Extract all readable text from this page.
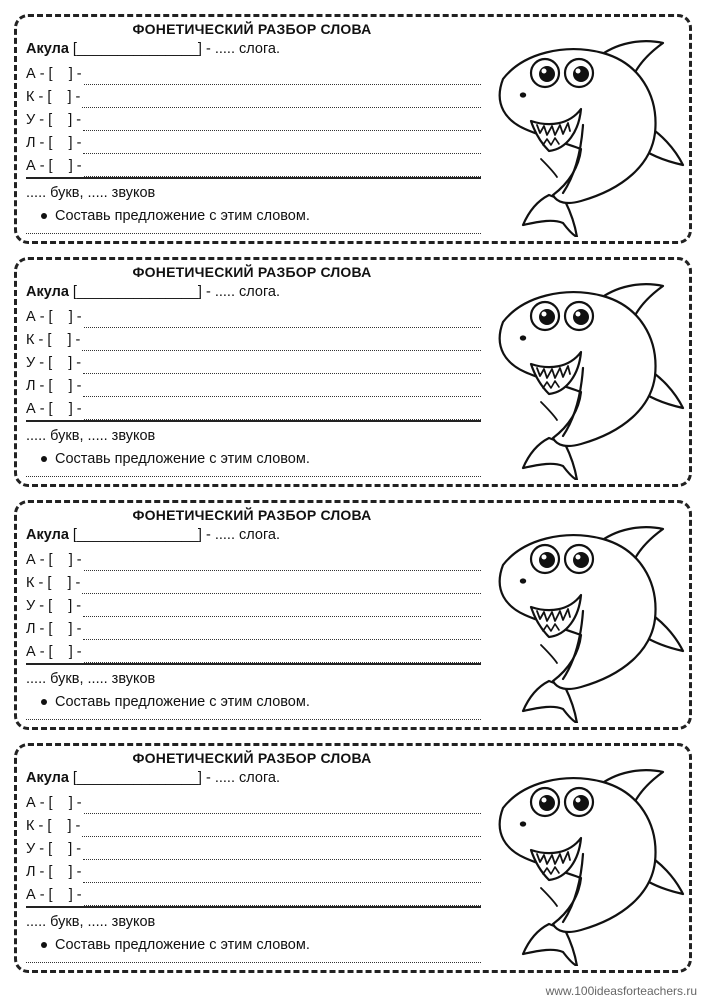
ФОНЕТИЧЕСКИЙ РАЗБОР СЛОВА
Акула [_______________] - ..... слога.
А - [    ] -
К - [    ] -
У - [    ] -
Л - [    ] -
А - [    ] -
..... букв, ..... звуков
Составь предложение с этим словом.
ФОНЕТИЧЕСКИЙ РАЗБОР СЛОВА
Акула [_______________] - ..... слога.
А - [    ] -
К - [    ] -
У - [    ] -
Л - [    ] -
А - [    ] -
..... букв, ..... звуков
Составь предложение с этим словом.
ФОНЕТИЧЕСКИЙ РАЗБОР СЛОВА
Акула [_______________] - ..... слога.
А - [    ] -
К - [    ] -
У - [    ] -
Л - [    ] -
А - [    ] -
..... букв, ..... звуков
Составь предложение с этим словом.
ФОНЕТИЧЕСКИЙ РАЗБОР СЛОВА
Акула [_______________] - ..... слога.
А - [    ] -
К - [    ] -
У - [    ] -
Л - [    ] -
А - [    ] -
..... букв, ..... звуков
Составь предложение с этим словом.
www.100ideasforteachers.ru
